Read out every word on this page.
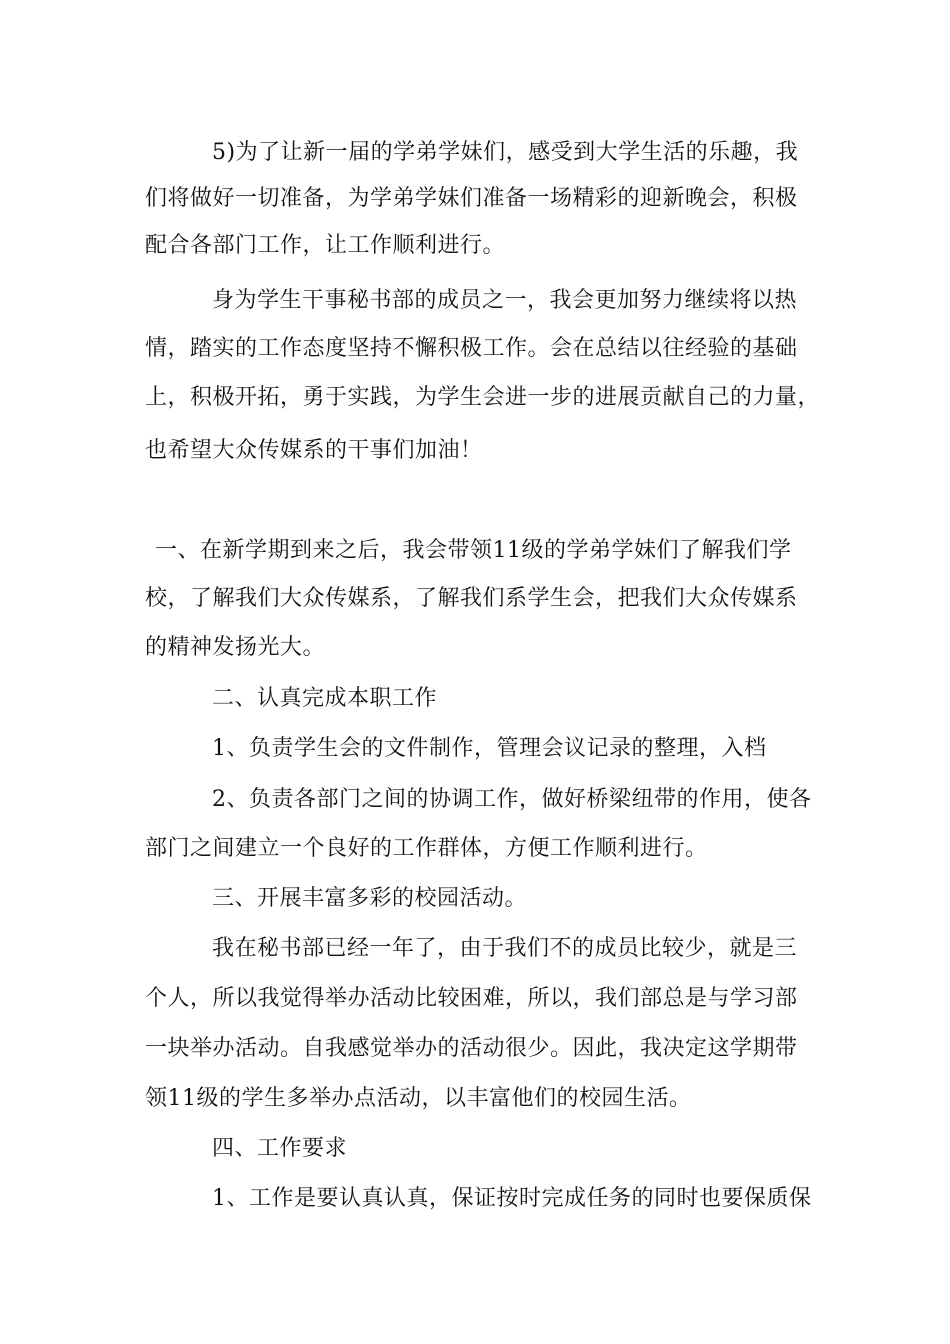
5)为了让新一届的学弟学妹们，感受到大学生活的乐趣，我
们将做好一切准备，为学弟学妹们准备一场精彩的迎新晚会，积极
配合各部门工作，让工作顺利进行。
身为学生干事秘书部的成员之一，我会更加努力继续将以热
情，踏实的工作态度坚持不懈积极工作。会在总结以往经验的基础
上，积极开拓，勇于实践，为学生会进一步的进展贡献自己的力量，
也希望大众传媒系的干事们加油！
一、在新学期到来之后，我会带领11级的学弟学妹们了解我们学
校，了解我们大众传媒系，了解我们系学生会，把我们大众传媒系
的精神发扬光大。
二、认真完成本职工作
1、负责学生会的文件制作，管理会议记录的整理，入档
2、负责各部门之间的协调工作，做好桥梁纽带的作用，使各
部门之间建立一个良好的工作群体，方便工作顺利进行。
三、开展丰富多彩的校园活动。
我在秘书部已经一年了，由于我们不的成员比较少，就是三
个人，所以我觉得举办活动比较困难，所以，我们部总是与学习部
一块举办活动。自我感觉举办的活动很少。因此，我决定这学期带
领11级的学生多举办点活动，以丰富他们的校园生活。
四、工作要求
1、工作是要认真认真，保证按时完成任务的同时也要保质保
